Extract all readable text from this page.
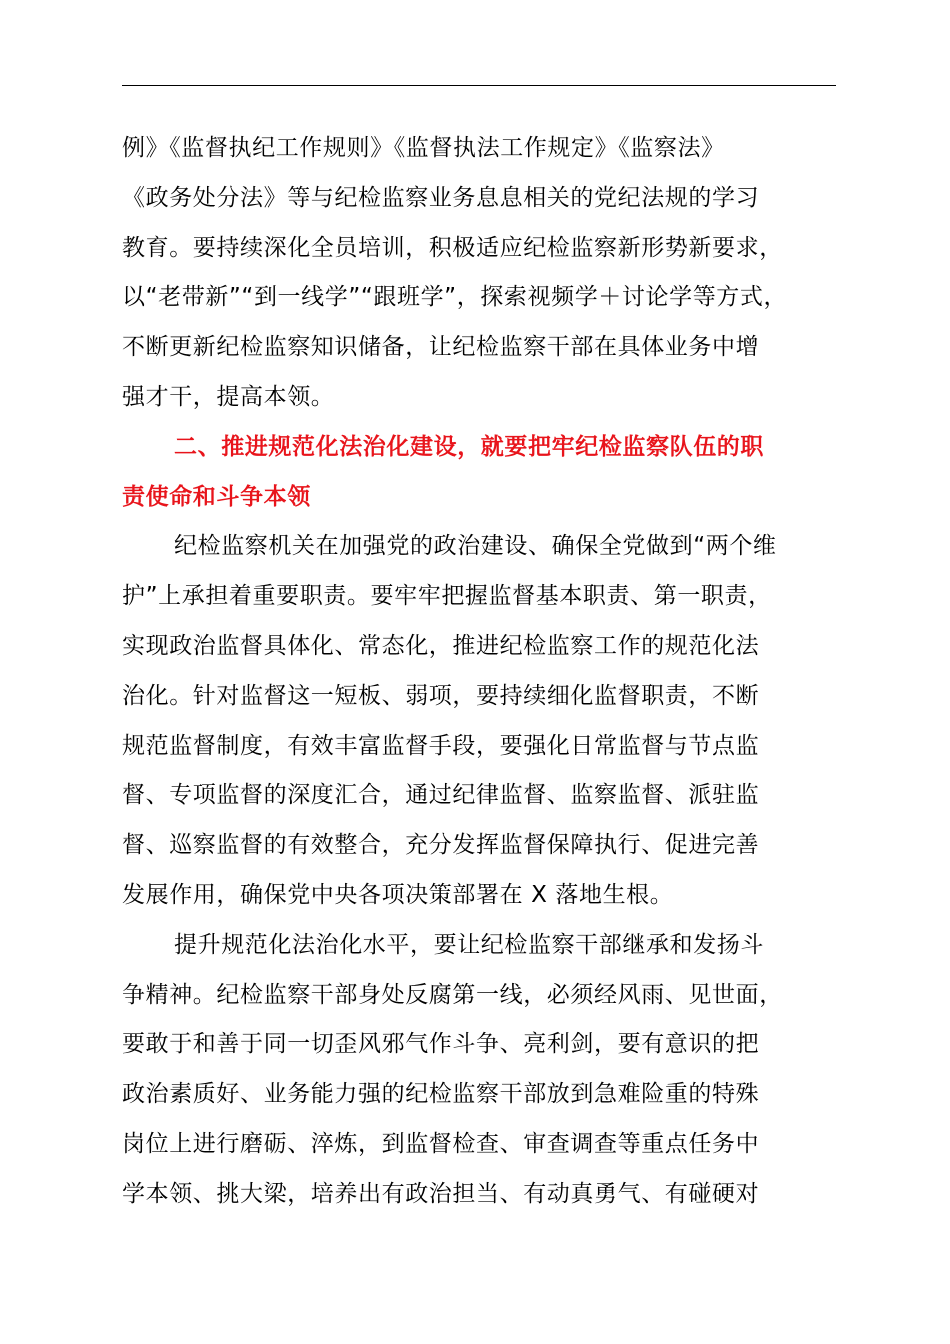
例》《监督执纪工作规则》《监督执法工作规定》《监察法》
《政务处分法》等与纪检监察业务息息相关的党纪法规的学习
教育。要持续深化全员培训，积极适应纪检监察新形势新要求，
以“老带新”“到一线学”“跟班学”，探索视频学＋讨论学等方式，
不断更新纪检监察知识储备，让纪检监察干部在具体业务中增
强才干，提高本领。
二、推进规范化法治化建设，就要把牢纪检监察队伍的职
责使命和斗争本领
纪检监察机关在加强党的政治建设、确保全党做到“两个维
护”上承担着重要职责。要牢牢把握监督基本职责、第一职责，
实现政治监督具体化、常态化，推进纪检监察工作的规范化法
治化。针对监督这一短板、弱项，要持续细化监督职责，不断
规范监督制度，有效丰富监督手段，要强化日常监督与节点监
督、专项监督的深度汇合，通过纪律监督、监察监督、派驻监
督、巡察监督的有效整合，充分发挥监督保障执行、促进完善
发展作用，确保党中央各项决策部署在 X 落地生根。
提升规范化法治化水平，要让纪检监察干部继承和发扬斗
争精神。纪检监察干部身处反腐第一线，必须经风雨、见世面，
要敢于和善于同一切歪风邪气作斗争、亮利剑，要有意识的把
政治素质好、业务能力强的纪检监察干部放到急难险重的特殊
岗位上进行磨砺、淬炼，到监督检查、审查调查等重点任务中
学本领、挑大梁，培养出有政治担当、有动真勇气、有碰硬对
